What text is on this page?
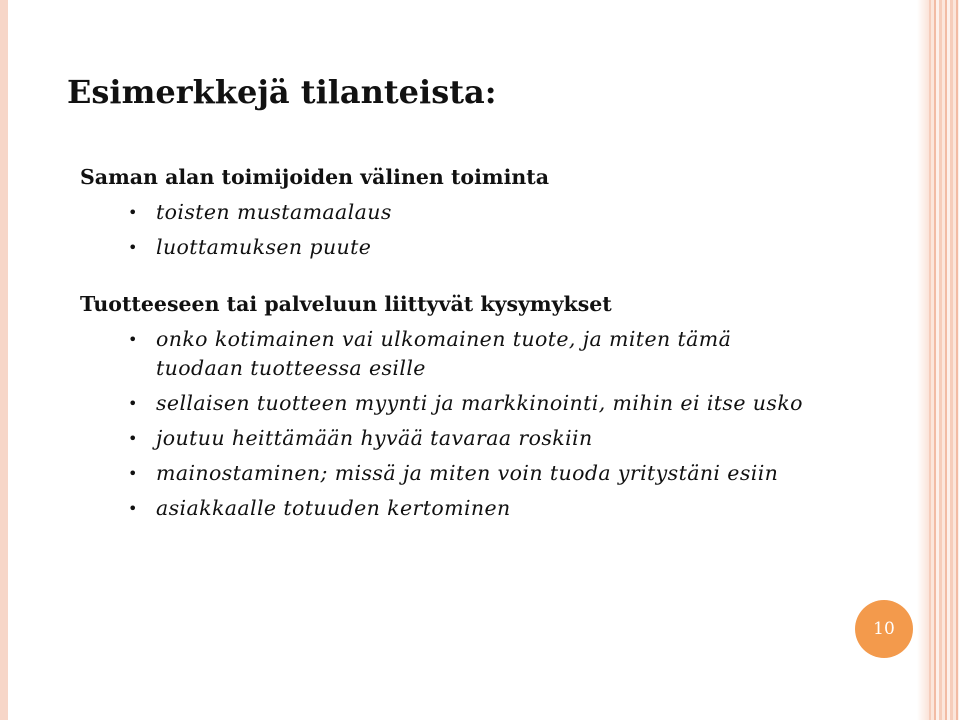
Esimerkkejä tilanteista:

Saman alan toimijoiden välinen toiminta

• toisten mustamaalaus
• luottamuksen puute

Tuotteeseen tai palveluun liittyvät kysymykset

• onko kotimainen vai ulkomainen tuote, ja miten tämä tuodaan tuotteessa esille
• sellaisen tuotteen myynti ja markkinointi, mihin ei itse usko
• joutuu heittämään hyvää tavaraa roskiin
• mainostaminen; missä ja miten voin tuoda yritystäni esiin
• asiakkaalle totuuden kertominen
10
